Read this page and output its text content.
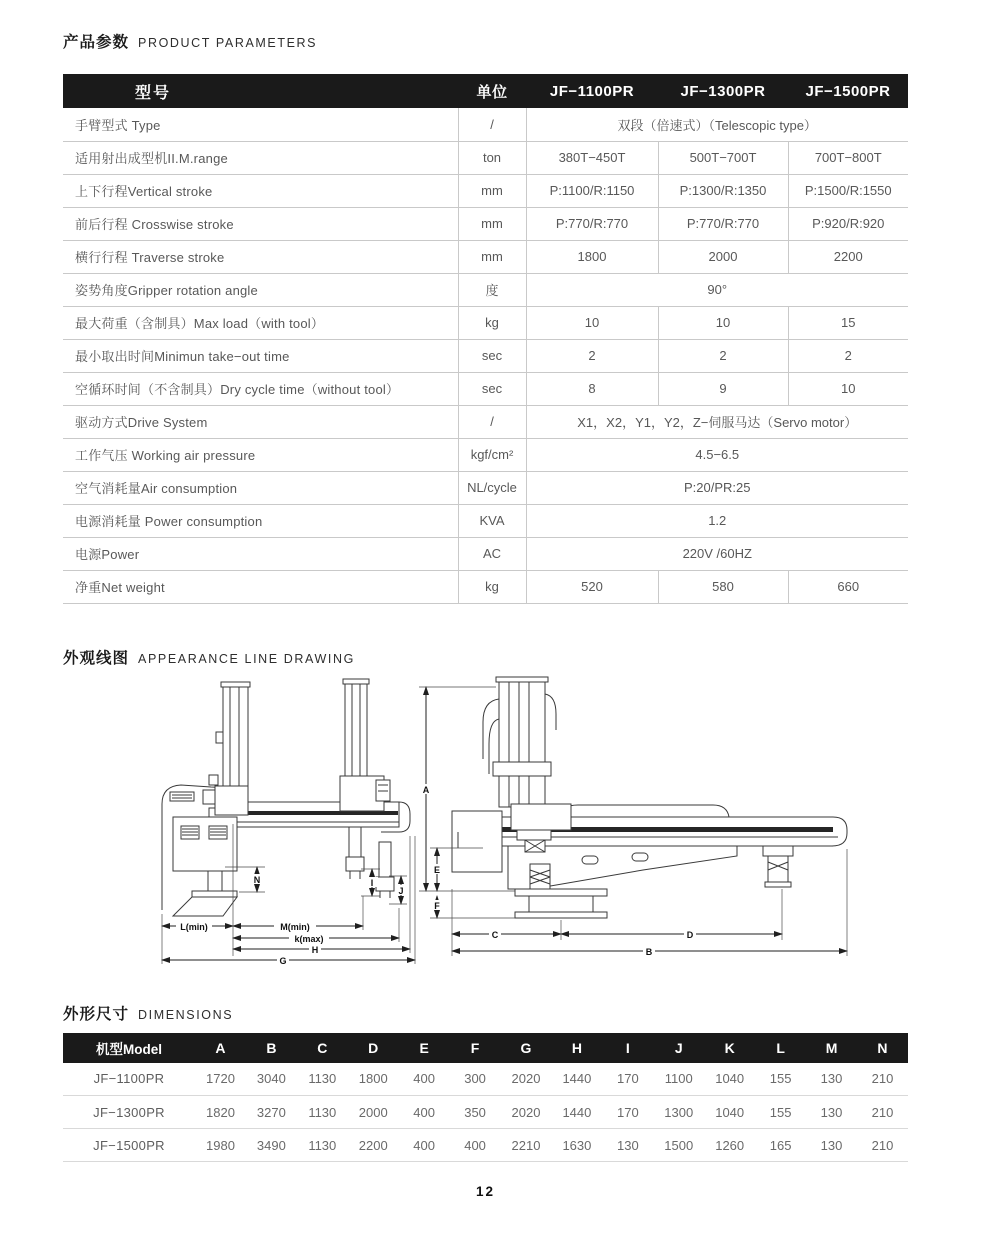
产品参数 PRODUCT PARAMETERS
型号	单位	JF−1100PR	JF−1300PR	JF−1500PR
手臂型式 Type	/	双段（倍速式）（Telescopic type）		
适用射出成型机II.M.range	ton	380T−450T	500T−700T	700T−800T
上下行程Vertical stroke	mm	P:1100/R:1150	P:1300/R:1350	P:1500/R:1550
前后行程 Crosswise stroke	mm	P:770/R:770	P:770/R:770	P:920/R:920
横行行程 Traverse stroke	mm	1800	2000	2200
姿势角度Gripper rotation angle	度	90°		
最大荷重（含制具）Max load（with tool）	kg	10	10	15
最小取出时间Minimun take−out time	sec	2	2	2
空循环时间（不含制具）Dry cycle time（without tool）	sec	8	9	10
驱动方式Drive System	/	X1，X2，Y1，Y2，Z−伺服马达（Servo motor）		
工作气压 Working air pressure	kgf/cm²	4.5−6.5		
空气消耗量Air consumption	NL/cycle	P:20/PR:25		
电源消耗量 Power consumption	KVA	1.2		
电源Power	AC	220V /60HZ		
净重Net weight	kg	520	580	660
外观线图 APPEARANCE LINE DRAWING
N	I
J
L(min)	M(min)
k(max)
H
G
A
E
F
C	D
B
外形尺寸 DIMENSIONS
机型Model	A	B	C	D	E	F	G	H	I	J	K	L	M	N
JF−1100PR	1720	3040	1130	1800	400	300	2020	1440	170	1100	1040	155	130	210
JF−1300PR	1820	3270	1130	2000	400	350	2020	1440	170	1300	1040	155	130	210
JF−1500PR	1980	3490	1130	2200	400	400	2210	1630	130	1500	1260	165	130	210
12
